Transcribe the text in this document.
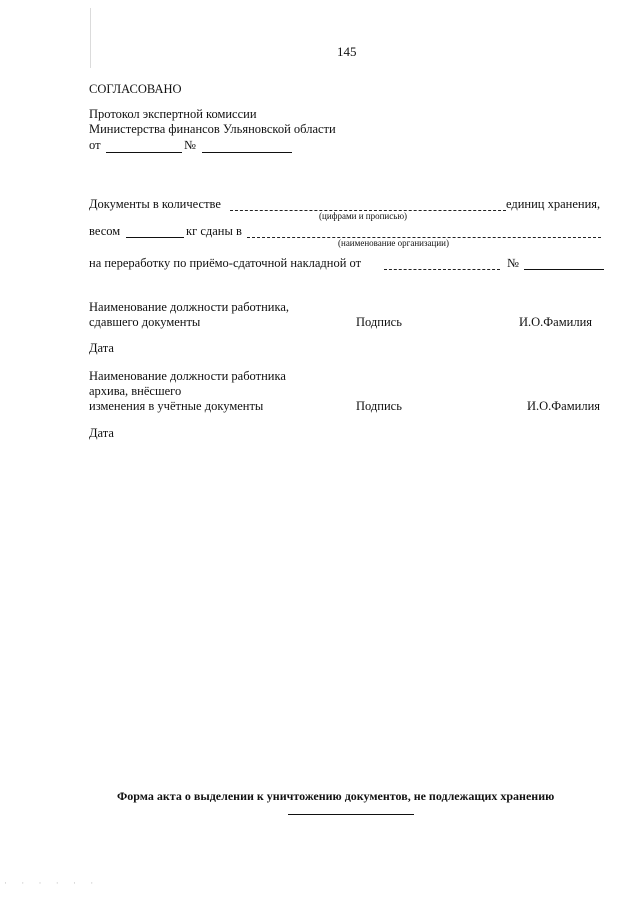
145
СОГЛАСОВАНО
Протокол экспертной комиссии
Министерства финансов Ульяновской области
от	№
Документы в количестве	единиц хранения,
(цифрами и прописью)
весом	кг сданы в
(наименование организации)
на переработку по приёмо-сдаточной накладной от	№
Наименование должности работника,
сдавшего документы	Подпись	И.О.Фамилия
Дата
Наименование должности работника
архива, внёсшего
изменения в учётные документы	Подпись	И.О.Фамилия
Дата
Форма акта о выделении к уничтожению документов, не подлежащих хранению
· · · · · ·
